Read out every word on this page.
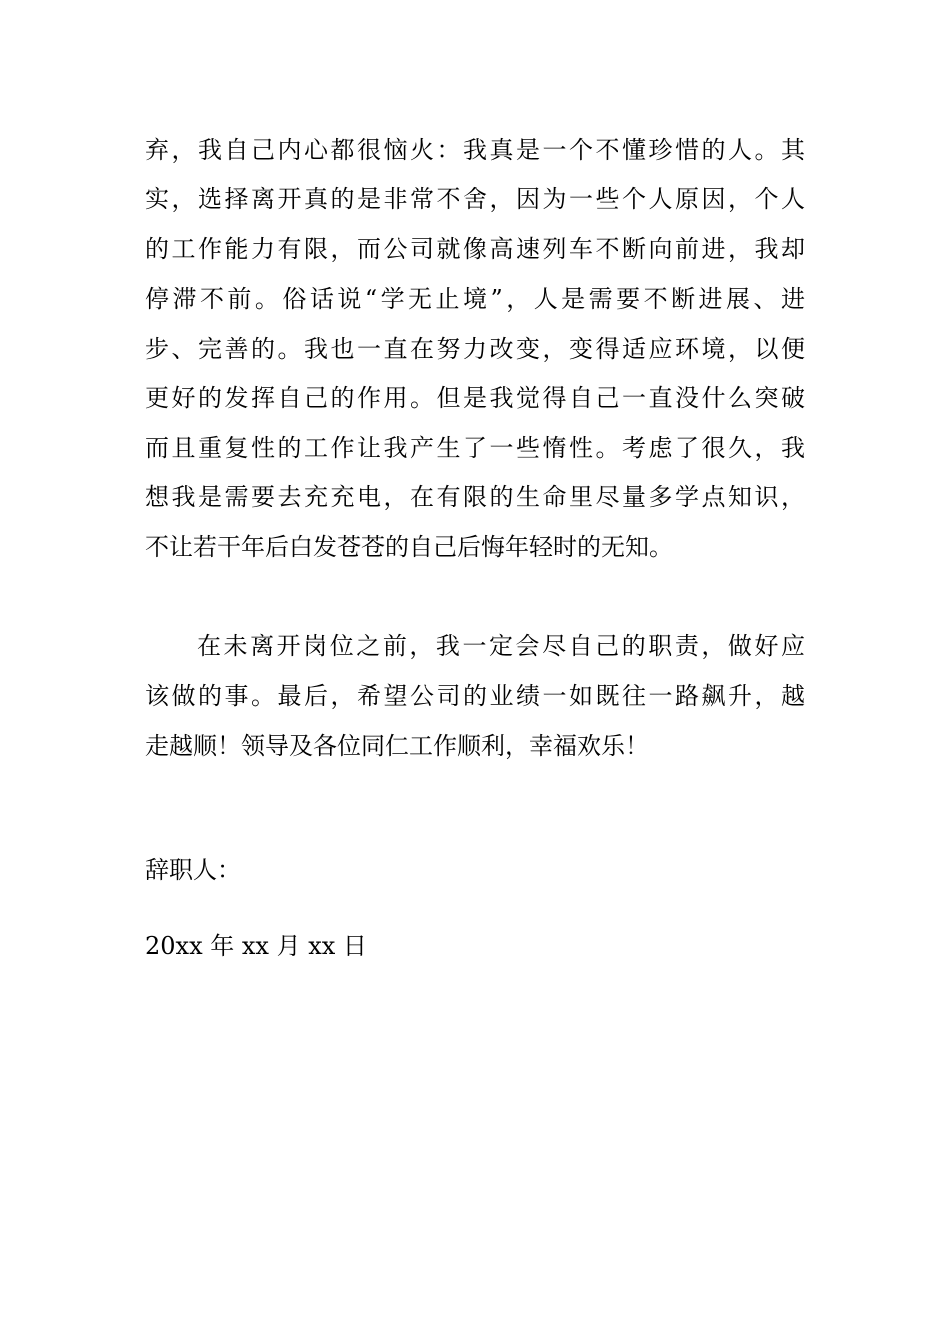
弃，我自己内心都很恼火：我真是一个不懂珍惜的人。其

实，选择离开真的是非常不舍，因为一些个人原因，个人

的工作能力有限，而公司就像高速列车不断向前进，我却

停滞不前。俗话说“学无止境”，人是需要不断进展、进

步、完善的。我也一直在努力改变，变得适应环境，以便

更好的发挥自己的作用。但是我觉得自己一直没什么突破

而且重复性的工作让我产生了一些惰性。考虑了很久，我

想我是需要去充充电，在有限的生命里尽量多学点知识，

不让若干年后白发苍苍的自己后悔年轻时的无知。

在未离开岗位之前，我一定会尽自己的职责，做好应

该做的事。最后，希望公司的业绩一如既往一路飙升，越

走越顺！领导及各位同仁工作顺利，幸福欢乐！

辞职人：

20xx 年 xx 月 xx 日
